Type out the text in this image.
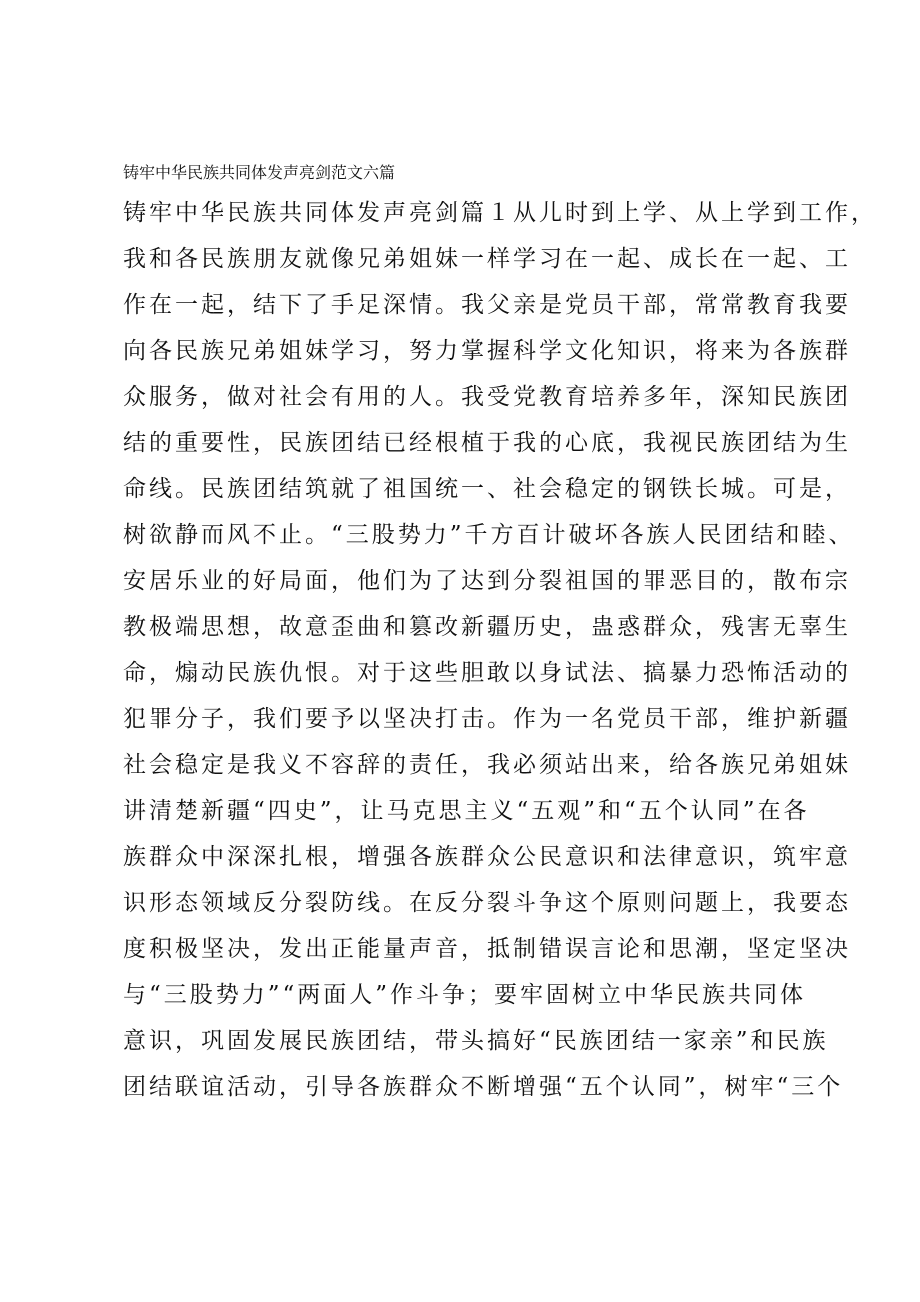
铸牢中华民族共同体发声亮剑范文六篇
铸牢中华民族共同体发声亮剑篇１从儿时到上学、从上学到工作，
我和各民族朋友就像兄弟姐妹一样学习在一起、成长在一起、工
作在一起，结下了手足深情。我父亲是党员干部，常常教育我要
向各民族兄弟姐妹学习，努力掌握科学文化知识，将来为各族群
众服务，做对社会有用的人。我受党教育培养多年，深知民族团
结的重要性，民族团结已经根植于我的心底，我视民族团结为生
命线。民族团结筑就了祖国统一、社会稳定的钢铁长城。可是，
树欲静而风不止。“三股势力”千方百计破坏各族人民团结和睦、
安居乐业的好局面，他们为了达到分裂祖国的罪恶目的，散布宗
教极端思想，故意歪曲和篡改新疆历史，蛊惑群众，残害无辜生
命，煽动民族仇恨。对于这些胆敢以身试法、搞暴力恐怖活动的
犯罪分子，我们要予以坚决打击。作为一名党员干部，维护新疆
社会稳定是我义不容辞的责任，我必须站出来，给各族兄弟姐妹
讲清楚新疆“四史”，让马克思主义“五观”和“五个认同”在各
族群众中深深扎根，增强各族群众公民意识和法律意识，筑牢意
识形态领域反分裂防线。在反分裂斗争这个原则问题上，我要态
度积极坚决，发出正能量声音，抵制错误言论和思潮，坚定坚决
与“三股势力”“两面人”作斗争；要牢固树立中华民族共同体
意识，巩固发展民族团结，带头搞好“民族团结一家亲”和民族
团结联谊活动，引导各族群众不断增强“五个认同”，树牢“三个
